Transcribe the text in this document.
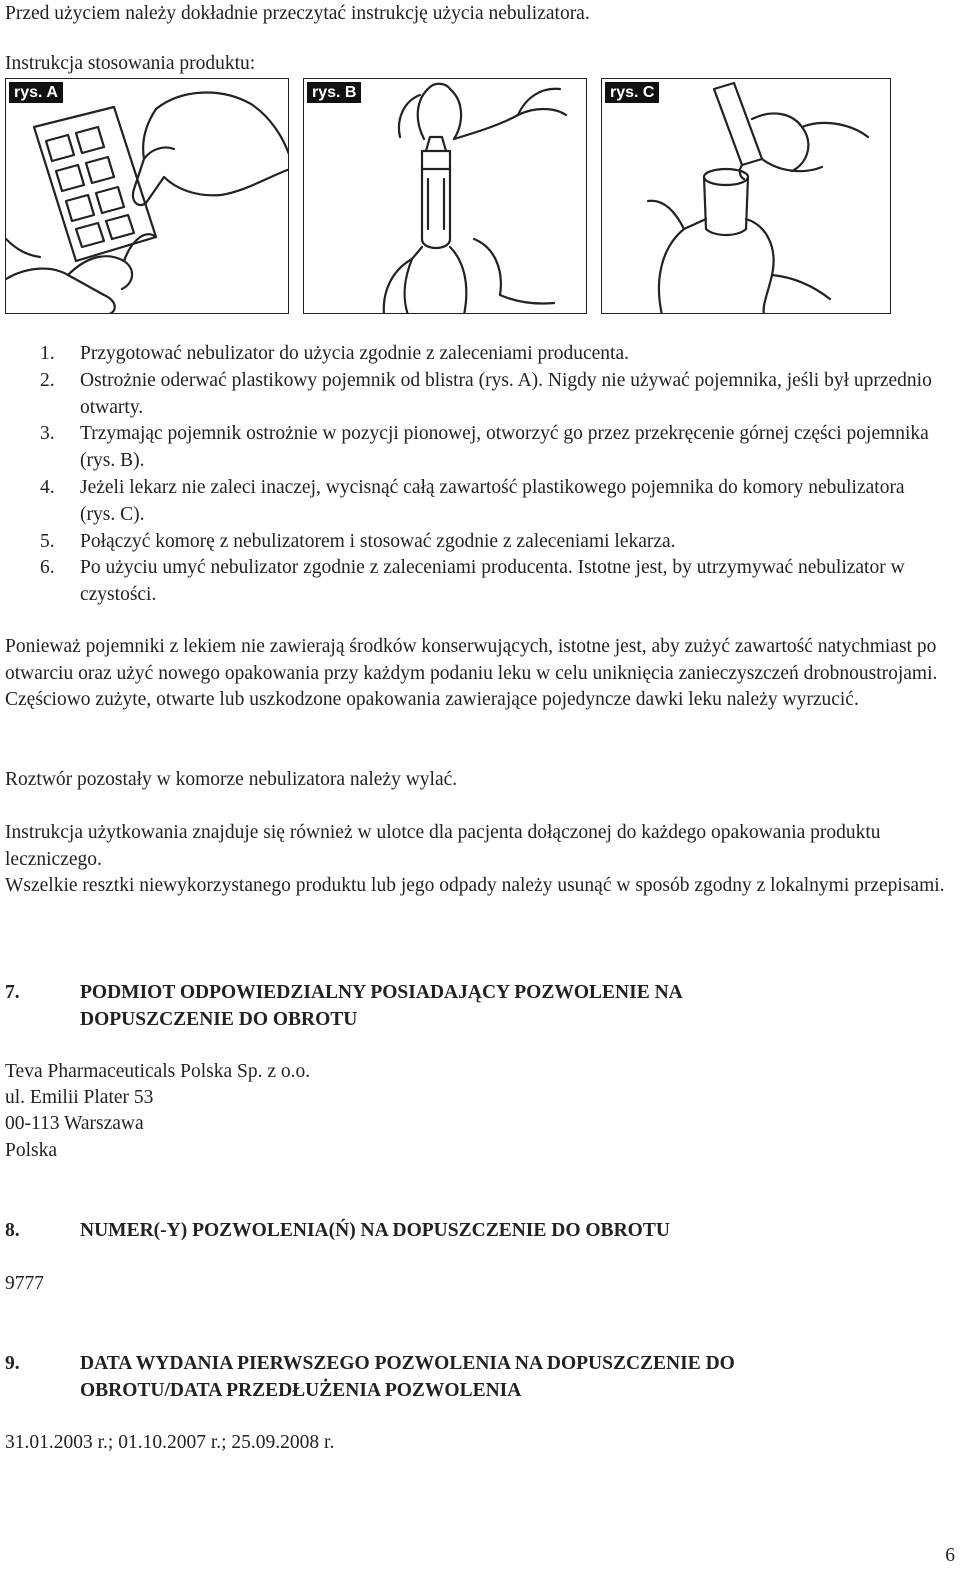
Przed użyciem należy dokładnie przeczytać instrukcję użycia nebulizatora.
Instrukcja stosowania produktu:
rys. A	rys. B	rys. C
1.	Przygotować nebulizator do użycia zgodnie z zaleceniami producenta.
2.	Ostrożnie oderwać plastikowy pojemnik od blistra (rys. A). Nigdy nie używać pojemnika, jeśli był uprzednio otwarty.
3.	Trzymając pojemnik ostrożnie w pozycji pionowej, otworzyć go przez przekręcenie górnej części pojemnika (rys. B).
4.	Jeżeli lekarz nie zaleci inaczej, wycisnąć całą zawartość plastikowego pojemnika do komory nebulizatora (rys. C).
5.	Połączyć komorę z nebulizatorem i stosować zgodnie z zaleceniami lekarza.
6.	Po użyciu umyć nebulizator zgodnie z zaleceniami producenta. Istotne jest, by utrzymywać nebulizator w czystości.
Ponieważ pojemniki z lekiem nie zawierają środków konserwujących, istotne jest, aby zużyć zawartość natychmiast po otwarciu oraz użyć nowego opakowania przy każdym podaniu leku w celu uniknięcia zanieczyszczeń drobnoustrojami. Częściowo zużyte, otwarte lub uszkodzone opakowania zawierające pojedyncze dawki leku należy wyrzucić.
Roztwór pozostały w komorze nebulizatora należy wylać.
Instrukcja użytkowania znajduje się również w ulotce dla pacjenta dołączonej do każdego opakowania produktu leczniczego.
Wszelkie resztki niewykorzystanego produktu lub jego odpady należy usunąć w sposób zgodny z lokalnymi przepisami.
7.	PODMIOT ODPOWIEDZIALNY POSIADAJĄCY POZWOLENIE NA DOPUSZCZENIE DO OBROTU
Teva Pharmaceuticals Polska Sp. z o.o.
ul. Emilii Plater 53
00-113 Warszawa
Polska
8.	NUMER(-Y) POZWOLENIA(Ń) NA DOPUSZCZENIE DO OBROTU
9777
9.	DATA WYDANIA PIERWSZEGO POZWOLENIA NA DOPUSZCZENIE DO OBROTU/DATA PRZEDŁUŻENIA POZWOLENIA
31.01.2003 r.; 01.10.2007 r.; 25.09.2008 r.
6
